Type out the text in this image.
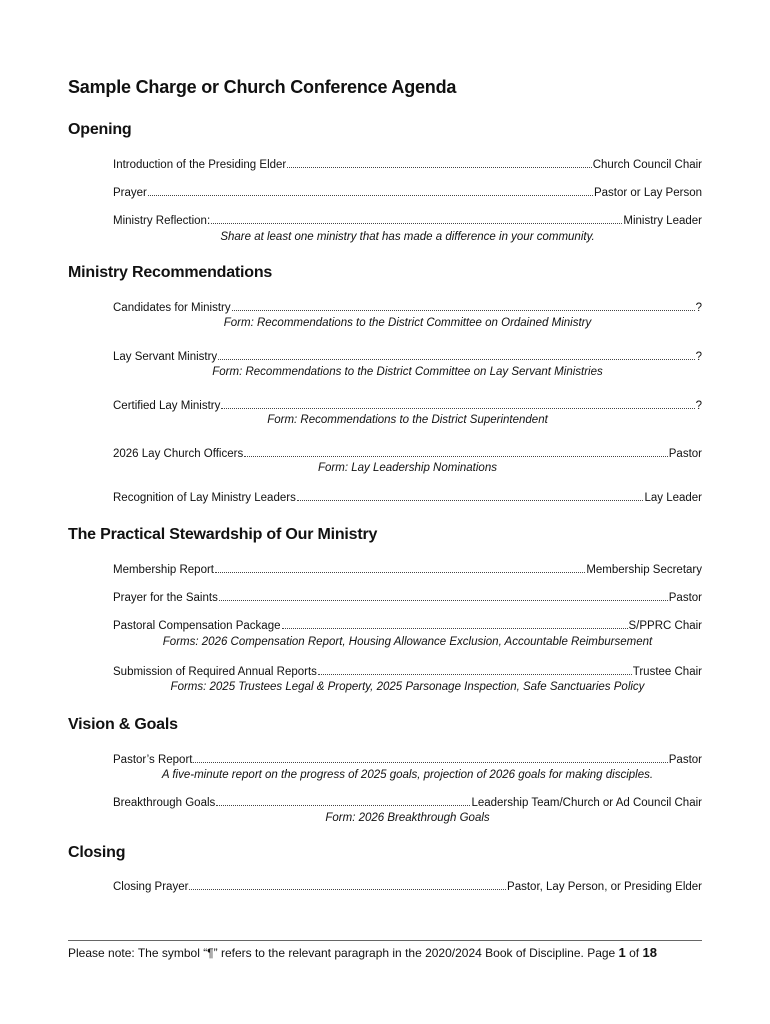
Sample Charge or Church Conference Agenda
Opening
Introduction of the Presiding Elder	Church Council Chair
Prayer	Pastor or Lay Person
Ministry Reflection:	Ministry Leader
Share at least one ministry that has made a difference in your community.
Ministry Recommendations
Candidates for Ministry	?
Form: Recommendations to the District Committee on Ordained Ministry
Lay Servant Ministry	?
Form: Recommendations to the District Committee on Lay Servant Ministries
Certified Lay Ministry	?
Form: Recommendations to the District Superintendent
2026 Lay Church Officers	Pastor
Form: Lay Leadership Nominations
Recognition of Lay Ministry Leaders	Lay Leader
The Practical Stewardship of Our Ministry
Membership Report	Membership Secretary
Prayer for the Saints	Pastor
Pastoral Compensation Package	S/PPRC Chair
Forms: 2026 Compensation Report, Housing Allowance Exclusion, Accountable Reimbursement
Submission of Required Annual Reports	Trustee Chair
Forms: 2025 Trustees Legal & Property, 2025 Parsonage Inspection, Safe Sanctuaries Policy
Vision & Goals
Pastor’s Report	Pastor
A five-minute report on the progress of 2025 goals, projection of 2026 goals for making disciples.
Breakthrough Goals	Leadership Team/Church or Ad Council Chair
Form: 2026 Breakthrough Goals
Closing
Closing Prayer	Pastor, Lay Person, or Presiding Elder
Please note: The symbol “¶” refers to the relevant paragraph in the 2020/2024 Book of Discipline. Page 1 of 18
